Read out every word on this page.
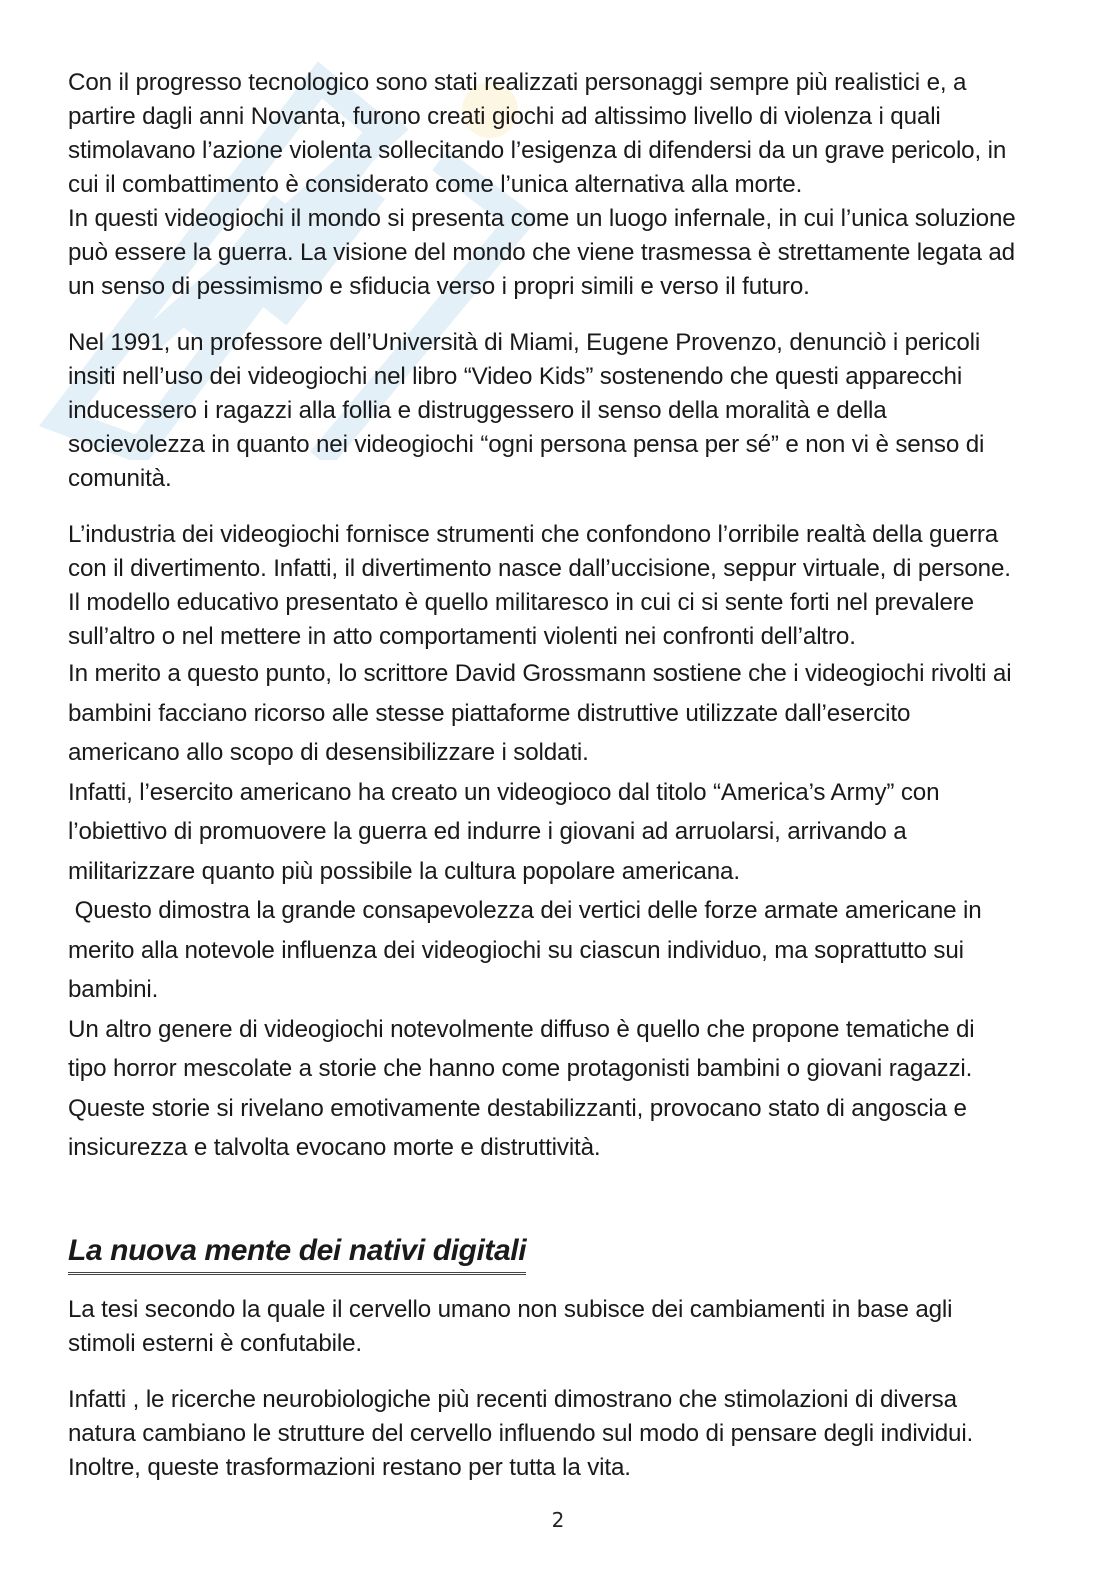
Con il progresso tecnologico sono stati realizzati personaggi sempre più realistici e, a
partire dagli anni Novanta, furono creati giochi ad altissimo livello di violenza i quali
stimolavano l’azione violenta sollecitando l’esigenza di difendersi da un grave pericolo, in
cui il combattimento è considerato come l’unica alternativa alla morte.
In questi videogiochi il mondo si presenta come un luogo infernale, in cui l’unica soluzione
può essere la guerra. La visione del mondo che viene trasmessa è strettamente legata ad
un senso di pessimismo e sfiducia verso i propri simili e verso il futuro.

Nel 1991, un professore dell’Università di Miami, Eugene Provenzo, denunciò i pericoli
insiti nell’uso dei videogiochi nel libro “Video Kids” sostenendo che questi apparecchi
inducessero i ragazzi alla follia e distruggessero il senso della moralità e della
socievolezza in quanto nei videogiochi “ogni persona pensa per sé” e non vi è senso di
comunità.

L’industria dei videogiochi fornisce strumenti che confondono l’orribile realtà della guerra
con il divertimento. Infatti, il divertimento nasce dall’uccisione, seppur virtuale, di persone.
Il modello educativo presentato è quello militaresco in cui ci si sente forti nel prevalere
sull’altro o nel mettere in atto comportamenti violenti nei confronti dell’altro.

In merito a questo punto, lo scrittore David Grossmann sostiene che i videogiochi rivolti ai
bambini facciano ricorso alle stesse piattaforme distruttive utilizzate dall’esercito
americano allo scopo di desensibilizzare i soldati.
Infatti, l’esercito americano ha creato un videogioco dal titolo “America’s Army” con
l’obiettivo di promuovere la guerra ed indurre i giovani ad arruolarsi, arrivando a
militarizzare quanto più possibile la cultura popolare americana.
Questo dimostra la grande consapevolezza dei vertici delle forze armate americane in
merito alla notevole influenza dei videogiochi su ciascun individuo, ma soprattutto sui
bambini.
Un altro genere di videogiochi notevolmente diffuso è quello che propone tematiche di
tipo horror mescolate a storie che hanno come protagonisti bambini o giovani ragazzi.
Queste storie si rivelano emotivamente destabilizzanti, provocano stato di angoscia e
insicurezza e talvolta evocano morte e distruttività.

La nuova mente dei nativi digitali

La tesi secondo la quale il cervello umano non subisce dei cambiamenti in base agli
stimoli esterni è confutabile.

Infatti , le ricerche neurobiologiche più recenti dimostrano che stimolazioni di diversa
natura cambiano le strutture del cervello influendo sul modo di pensare degli individui.
Inoltre, queste trasformazioni restano per tutta la vita.

2
